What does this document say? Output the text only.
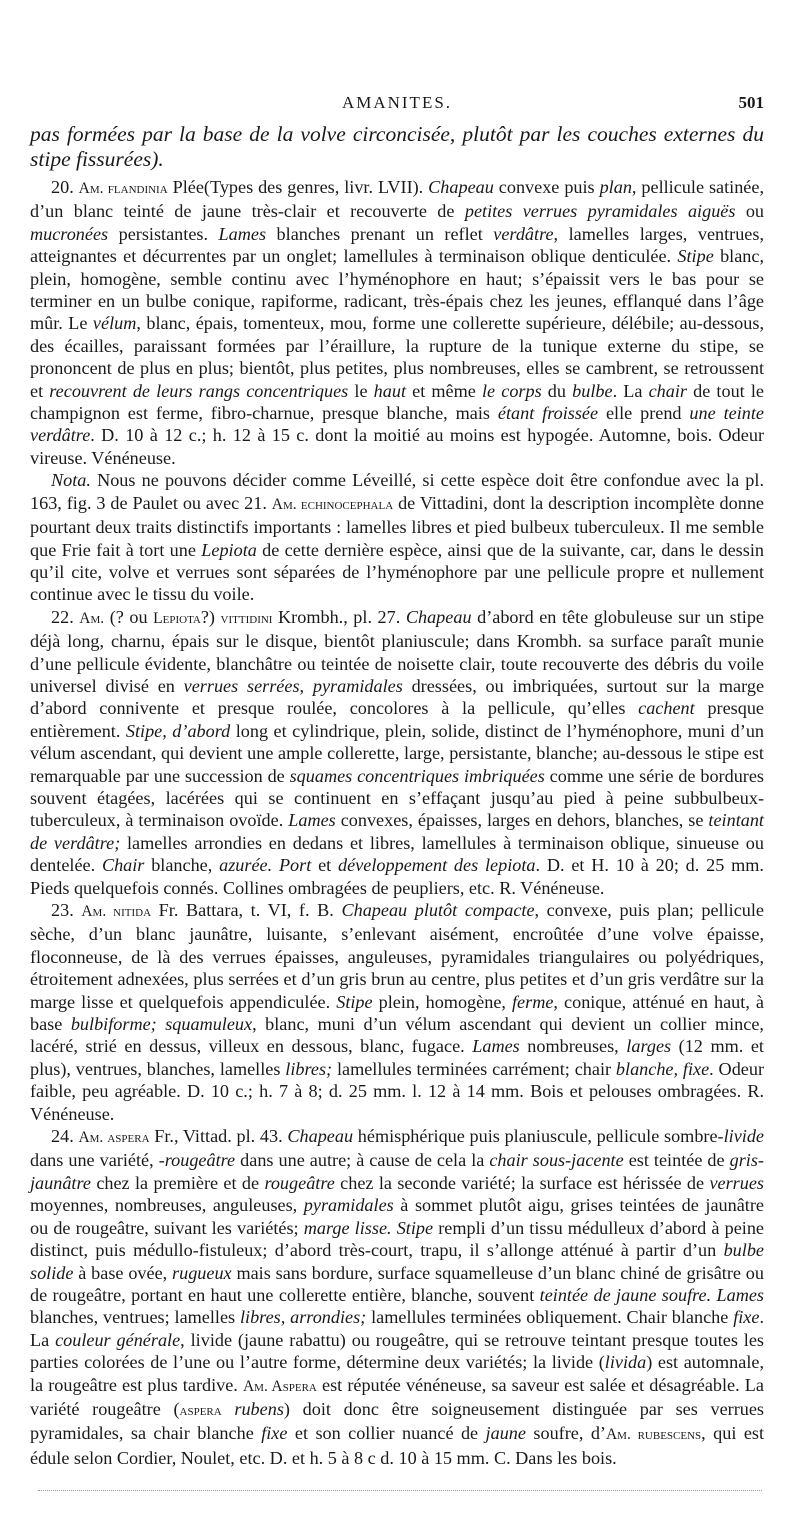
AMANITES.	501

pas formées par la base de la volve circoncisée, plutôt par les couches externes du stipe fissurées).

20. Am. flandinia Plée(Types des genres, livr. LVII). Chapeau convexe puis plan, pellicule satinée, d’un blanc teinté de jaune très-clair et recouverte de petites verrues pyramidales aiguës ou mucronées persistantes. Lames blanches prenant un reflet verdâtre, lamelles larges, ventrues, atteignantes et décurrentes par un onglet; lamellules à terminaison oblique denticulée. Stipe blanc, plein, homogène, semble continu avec l’hyménophore en haut; s’épaissit vers le bas pour se terminer en un bulbe conique, rapiforme, radicant, très-épais chez les jeunes, efflanqué dans l’âge mûr. Le vélum, blanc, épais, tomenteux, mou, forme une collerette supérieure, délébile; au-dessous, des écailles, paraissant formées par l’éraillure, la rupture de la tunique externe du stipe, se prononcent de plus en plus; bientôt, plus petites, plus nombreuses, elles se cambrent, se retroussent et recouvrent de leurs rangs concentriques le haut et même le corps du bulbe. La chair de tout le champignon est ferme, fibro-charnue, presque blanche, mais étant froissée elle prend une teinte verdâtre. D. 10 à 12 c.; h. 12 à 15 c. dont la moitié au moins est hypogée. Automne, bois. Odeur vireuse. Vénéneuse.

Nota. Nous ne pouvons décider comme Léveillé, si cette espèce doit être confondue avec la pl. 163, fig. 3 de Paulet ou avec 21. Am. echinocephala de Vittadini, dont la description incomplète donne pourtant deux traits distinctifs importants : lamelles libres et pied bulbeux tuberculeux. Il me semble que Frie fait à tort une Lepiota de cette dernière espèce, ainsi que de la suivante, car, dans le dessin qu’il cite, volve et verrues sont séparées de l’hyménophore par une pellicule propre et nullement continue avec le tissu du voile.

22. Am. (? ou Lepiota?) vittidini Krombh., pl. 27. Chapeau d’abord en tête globuleuse sur un stipe déjà long, charnu, épais sur le disque, bientôt planiuscule; dans Krombh. sa surface paraît munie d’une pellicule évidente, blanchâtre ou teintée de noisette clair, toute recouverte des débris du voile universel divisé en verrues serrées, pyramidales dressées, ou imbriquées, surtout sur la marge d’abord connivente et presque roulée, concolores à la pellicule, qu’elles cachent presque entièrement. Stipe, d’abord long et cylindrique, plein, solide, distinct de l’hyménophore, muni d’un vélum ascendant, qui devient une ample collerette, large, persistante, blanche; au-dessous le stipe est remarquable par une succession de squames concentriques imbriquées comme une série de bordures souvent étagées, lacérées qui se continuent en s’effaçant jusqu’au pied à peine subbulbeux-tuberculeux, à terminaison ovoïde. Lames convexes, épaisses, larges en dehors, blanches, se teintant de verdâtre; lamelles arrondies en dedans et libres, lamellules à terminaison oblique, sinueuse ou dentelée. Chair blanche, azurée. Port et développement des lepiota. D. et H. 10 à 20; d. 25 mm. Pieds quelquefois connés. Collines ombragées de peupliers, etc. R. Vénéneuse.

23. Am. nitida Fr. Battara, t. VI, f. B. Chapeau plutôt compacte, convexe, puis plan; pellicule sèche, d’un blanc jaunâtre, luisante, s’enlevant aisément, encroûtée d’une volve épaisse, floconneuse, de là des verrues épaisses, anguleuses, pyramidales triangulaires ou polyédriques, étroitement adnexées, plus serrées et d’un gris brun au centre, plus petites et d’un gris verdâtre sur la marge lisse et quelquefois appendiculée. Stipe plein, homogène, ferme, conique, atténué en haut, à base bulbiforme; squamuleux, blanc, muni d’un vélum ascendant qui devient un collier mince, lacéré, strié en dessus, villeux en dessous, blanc, fugace. Lames nombreuses, larges (12 mm. et plus), ventrues, blanches, lamelles libres; lamellules terminées carrément; chair blanche, fixe. Odeur faible, peu agréable. D. 10 c.; h. 7 à 8; d. 25 mm. l. 12 à 14 mm. Bois et pelouses ombragées. R. Vénéneuse.

24. Am. aspera Fr., Vittad. pl. 43. Chapeau hémisphérique puis planiuscule, pellicule sombre-livide dans une variété, -rougeâtre dans une autre; à cause de cela la chair sous-jacente est teintée de gris-jaunâtre chez la première et de rougeâtre chez la seconde variété; la surface est hérissée de verrues moyennes, nombreuses, anguleuses, pyramidales à sommet plutôt aigu, grises teintées de jaunâtre ou de rougeâtre, suivant les variétés; marge lisse. Stipe rempli d’un tissu médulleux d’abord à peine distinct, puis médullo-fistuleux; d’abord très-court, trapu, il s’allonge atténué à partir d’un bulbe solide à base ovée, rugueux mais sans bordure, surface squamelleuse d’un blanc chiné de grisâtre ou de rougeâtre, portant en haut une collerette entière, blanche, souvent teintée de jaune soufre. Lames blanches, ventrues; lamelles libres, arrondies; lamellules terminées obliquement. Chair blanche fixe. La couleur générale, livide (jaune rabattu) ou rougeâtre, qui se retrouve teintant presque toutes les parties colorées de l’une ou l’autre forme, détermine deux variétés; la livide (livida) est automnale, la rougeâtre est plus tardive. Am. Aspera est réputée vénéneuse, sa saveur est salée et désagréable. La variété rougeâtre (aspera rubens) doit donc être soigneusement distinguée par ses verrues pyramidales, sa chair blanche fixe et son collier nuancé de jaune soufre, d’Am. rubescens, qui est édule selon Cordier, Noulet, etc. D. et h. 5 à 8 c d. 10 à 15 mm. C. Dans les bois.
